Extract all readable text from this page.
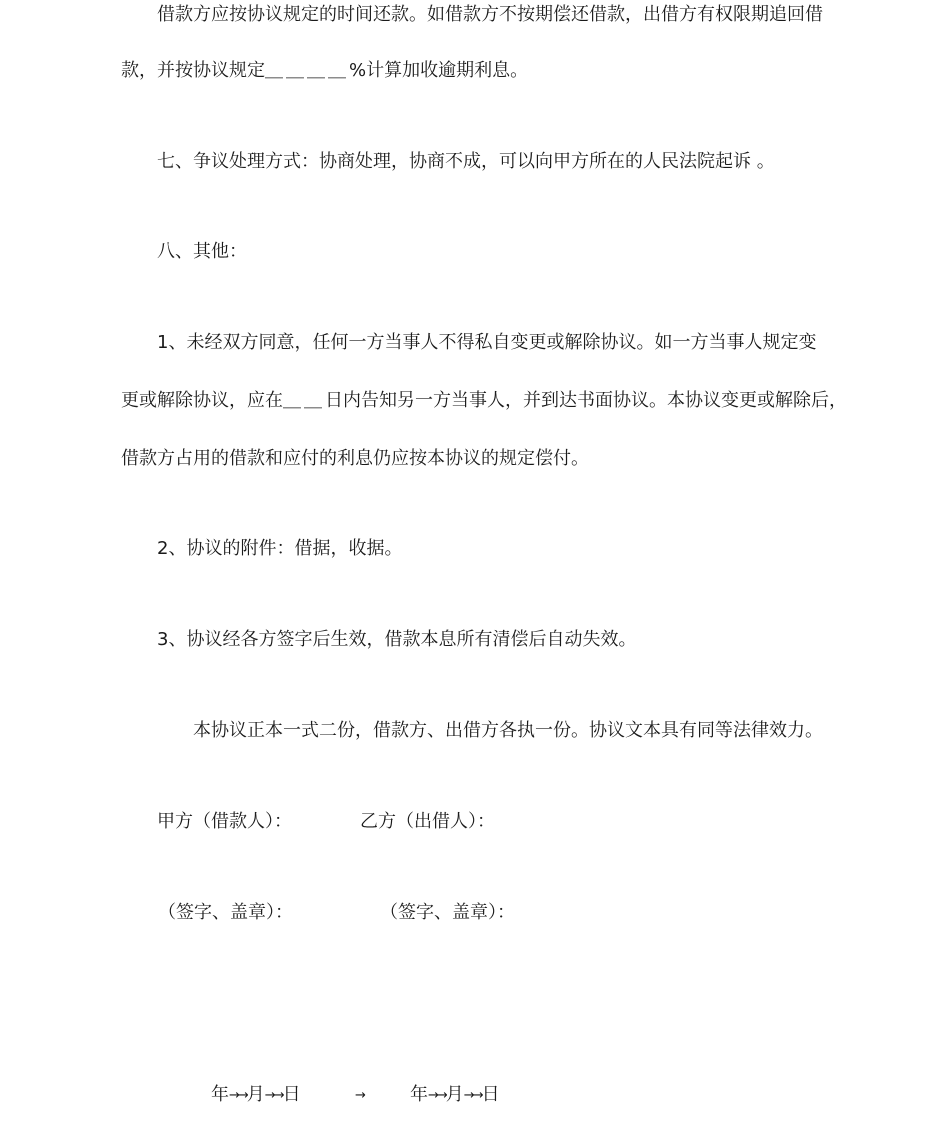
借款方应按协议规定的时间还款。如借款方不按期偿还借款，出借方有权限期追回借

款，并按协议规定＿＿＿＿%计算加收逾期利息。

七、争议处理方式：协商处理，协商不成，可以向甲方所在的人民法院起诉 。

八、其他：

1、未经双方同意，任何一方当事人不得私自变更或解除协议。如一方当事人规定变

更或解除协议，应在＿＿日内告知另一方当事人，并到达书面协议。本协议变更或解除后，

借款方占用的借款和应付的利息仍应按本协议的规定偿付。

2、协议的附件：借据，收据。

3、协议经各方签字后生效，借款本息所有清偿后自动失效。

本协议正本一式二份，借款方、出借方各执一份。协议文本具有同等法律效力。

甲方（借款人）：	乙方（出借人）：

（签字、盖章）：	（签字、盖章）：

年→→月→→日	→	年→→月→→日
